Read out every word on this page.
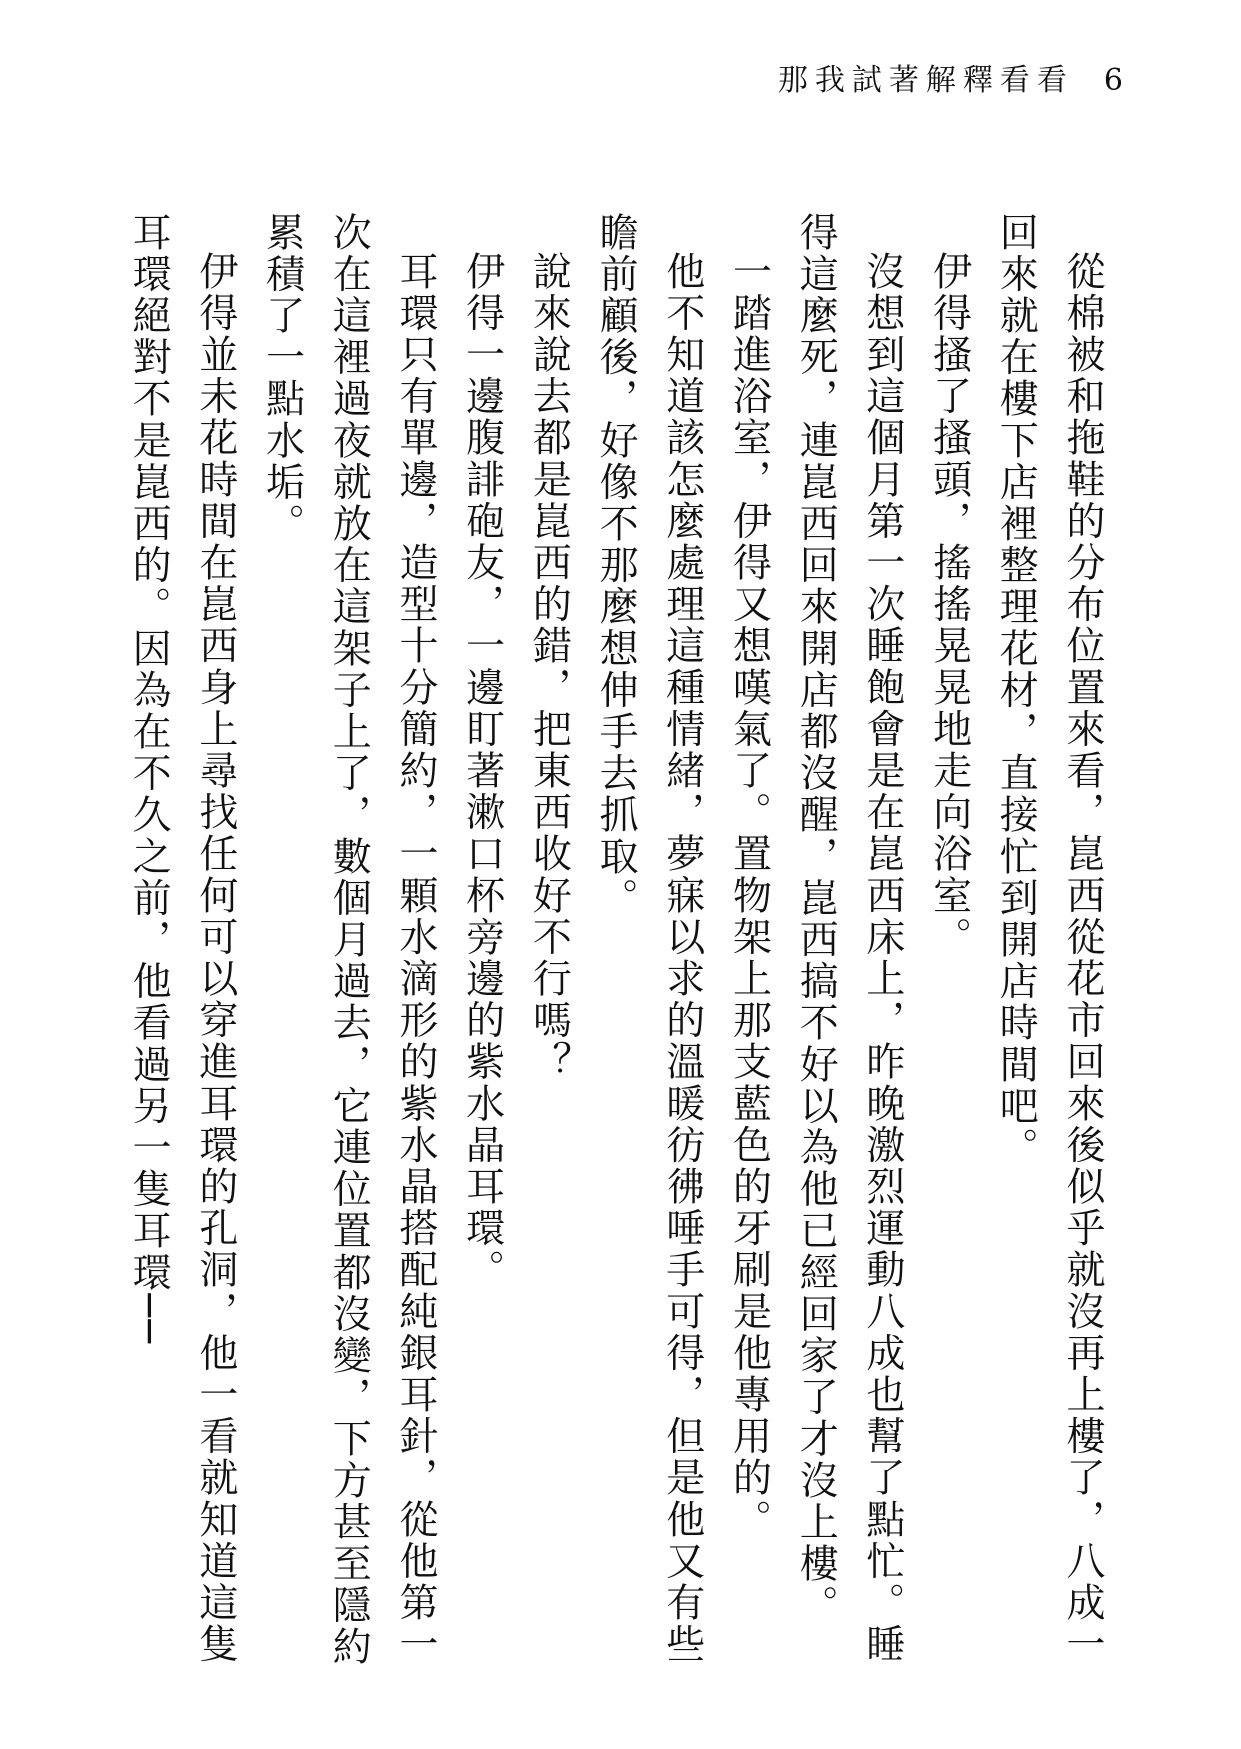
那我試著解釋看看 6

從棉被和拖鞋的分布位置來看，崑西從花市回來後似乎就沒再上樓了，八成一回來就在樓下店裡整理花材，直接忙到開店時間吧。

伊得搔了搔頭，搖搖晃晃地走向浴室。

沒想到這個月第一次睡飽會是在崑西床上，昨晚激烈運動八成也幫了點忙。睡得這麼死，連崑西回來開店都沒醒，崑西搞不好以為他已經回家了才沒上樓。

一踏進浴室，伊得又想嘆氣了。置物架上那支藍色的牙刷是他專用的。

他不知道該怎麼處理這種情緒，夢寐以求的溫暖彷彿唾手可得，但是他又有些瞻前顧後，好像不那麼想伸手去抓取。

說來說去都是崑西的錯，把東西收好不行嗎？

伊得一邊腹誹砲友，一邊盯著漱口杯旁邊的紫水晶耳環。

耳環只有單邊，造型十分簡約，一顆水滴形的紫水晶搭配純銀耳針，從他第一次在這裡過夜就放在這架子上了，數個月過去，它連位置都沒變，下方甚至隱約累積了一點水垢。

伊得並未花時間在崑西身上尋找任何可以穿進耳環的孔洞，他一看就知道這隻耳環絕對不是崑西的。因為在不久之前，他看過另一隻耳環──
